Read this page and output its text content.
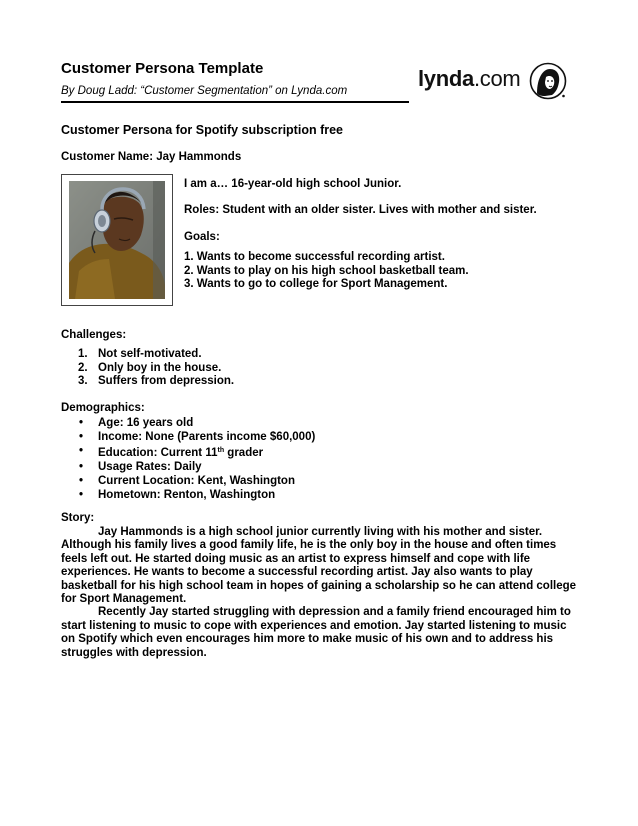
Customer Persona Template
By Doug Ladd: “Customer Segmentation” on Lynda.com	lynda.com
Customer Persona for Spotify subscription free
Customer Name: Jay Hammonds
I am a… 16-year-old high school Junior.
Roles: Student with an older sister. Lives with mother and sister.
Goals:
1. Wants to become successful recording artist.
2. Wants to play on his high school basketball team.
3. Wants to go to college for Sport Management.
Challenges:
1. Not self-motivated.
2. Only boy in the house.
3. Suffers from depression.
Demographics:
• Age: 16 years old
• Income: None (Parents income $60,000)
• Education: Current 11th grader
• Usage Rates: Daily
• Current Location: Kent, Washington
• Hometown: Renton, Washington
Story:

Jay Hammonds is a high school junior currently living with his mother and sister. Although his family lives a good family life, he is the only boy in the house and often times feels left out. He started doing music as an artist to express himself and cope with life experiences. He wants to become a successful recording artist. Jay also wants to play basketball for his high school team in hopes of gaining a scholarship so he can attend college for Sport Management.

Recently Jay started struggling with depression and a family friend encouraged him to start listening to music to cope with experiences and emotion. Jay started listening to music on Spotify which even encourages him more to make music of his own and to address his struggles with depression.
